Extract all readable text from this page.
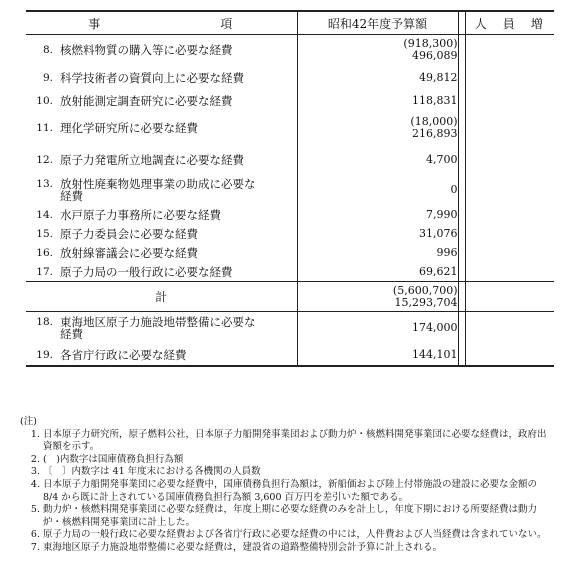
事 項	昭和42年度予算額		人 員 増
8. 核燃料物質の購入等に必要な経費	(918,300)
496,089		

9. 科学技術者の資質向上に必要な経費	49,812		

10. 放射能測定調査研究に必要な経費	118,831		

11. 理化学研究所に必要な経費	(18,000)
216,893		

12. 原子力発電所立地調査に必要な経費	4,700		

13. 放射性廃棄物処理事業の助成に必要な経費	0		

14. 水戸原子力事務所に必要な経費	7,990		

15. 原子力委員会に必要な経費	31,076		

16. 放射線審議会に必要な経費	996		

17. 原子力局の一般行政に必要な経費	69,621		

計	(5,600,700)
15,293,704		

18. 東海地区原子力施設地帯整備に必要な経費	174,000		

19. 各省庁行政に必要な経費	144,101		

(注)
1. 日本原子力研究所，原子燃料公社，日本原子力船開発事業団および動力炉・核燃料開発事業団に必要な経費は，政府出資額を示す。
2. (　)内数字は国庫債務負担行為額
3. 〔　〕内数字は 41 年度末における各機関の人員数
4. 日本原子力船開発事業団に必要な経費中，国庫債務負担行為額は，新船価および陸上付帯施設の建設に必要な金額の 8/4 から既に計上されている国庫債務負担行為額 3,600 百万円を差引いた額である。
5. 動力炉・核燃料開発事業団に必要な経費は，年度上期に必要な経費のみを計上し，年度下期における所要経費は動力炉・核燃料開発事業団に計上した。
6. 原子力局の一般行政に必要な経費および各省庁行政に必要な経費の中には，人件費および人当経費は含まれていない。
7. 東海地区原子力施設地帯整備に必要な経費は，建設省の道路整備特別会計予算に計上される。
